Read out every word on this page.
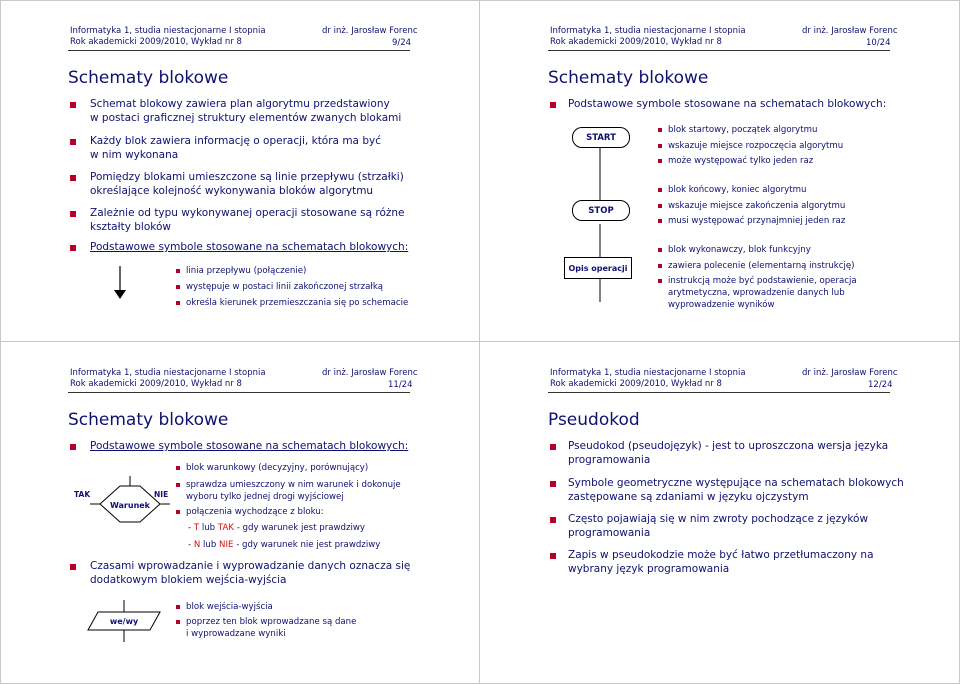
Informatyka 1, studia niestacjonarne I stopnia
Rok akademicki 2009/2010, Wykład nr 8
dr inż. Jarosław Forenc
9/24
Schematy blokowe
Schemat blokowy zawiera plan algorytmu przedstawiony
w postaci graficznej struktury elementów zwanych blokami
Każdy blok zawiera informację o operacji, która ma być
w nim wykonana
Pomiędzy blokami umieszczone są linie przepływu (strzałki)
określające kolejność wykonywania bloków algorytmu
Zależnie od typu wykonywanej operacji stosowane są różne
kształty bloków
Podstawowe symbole stosowane na schematach blokowych:
linia przepływu (połączenie)
występuje w postaci linii zakończonej strzałką
określa kierunek przemieszczania się po schemacie
Informatyka 1, studia niestacjonarne I stopnia
Rok akademicki 2009/2010, Wykład nr 8
dr inż. Jarosław Forenc
10/24
Schematy blokowe
Podstawowe symbole stosowane na schematach blokowych:
START
STOP
Opis operacji
blok startowy, początek algorytmu
wskazuje miejsce rozpoczęcia algorytmu
może występować tylko jeden raz
blok końcowy, koniec algorytmu
wskazuje miejsce zakończenia algorytmu
musi występować przynajmniej jeden raz
blok wykonawczy, blok funkcyjny
zawiera polecenie (elementarną instrukcję)
instrukcją może być podstawienie, operacja
arytmetyczna, wprowadzenie danych lub
wyprowadzenie wyników
Informatyka 1, studia niestacjonarne I stopnia
Rok akademicki 2009/2010, Wykład nr 8
dr inż. Jarosław Forenc
11/24
Schematy blokowe
Podstawowe symbole stosowane na schematach blokowych:
TAK
Warunek
NIE
blok warunkowy (decyzyjny, porównujący)
sprawdza umieszczony w nim warunek i dokonuje
wyboru tylko jednej drogi wyjściowej
połączenia wychodzące z bloku:
- T lub TAK - gdy warunek jest prawdziwy
- N lub NIE - gdy warunek nie jest prawdziwy
Czasami wprowadzanie i wyprowadzanie danych oznacza się
dodatkowym blokiem wejścia-wyjścia
we/wy
blok wejścia-wyjścia
poprzez ten blok wprowadzane są dane
i wyprowadzane wyniki
Informatyka 1, studia niestacjonarne I stopnia
Rok akademicki 2009/2010, Wykład nr 8
dr inż. Jarosław Forenc
12/24
Pseudokod
Pseudokod (pseudojęzyk) - jest to uproszczona wersja języka
programowania
Symbole geometryczne występujące na schematach blokowych
zastępowane są zdaniami w języku ojczystym
Często pojawiają się w nim zwroty pochodzące z języków
programowania
Zapis w pseudokodzie może być łatwo przetłumaczony na
wybrany język programowania
